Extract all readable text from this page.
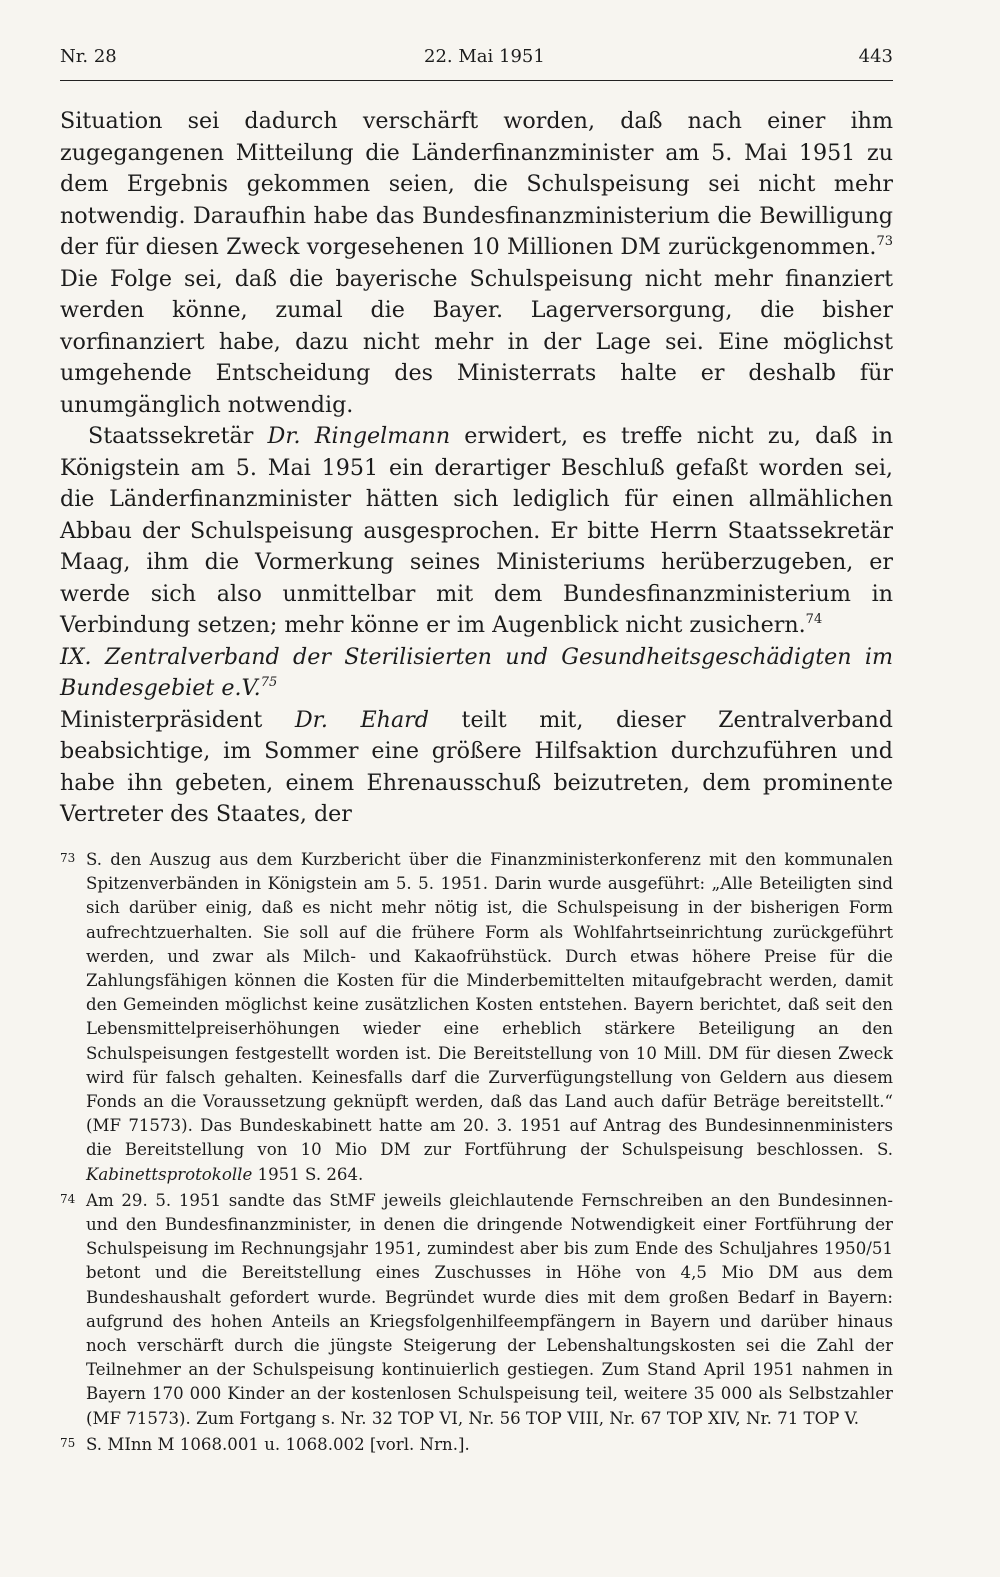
Nr. 28	22. Mai 1951	443

Situation sei dadurch verschärft worden, daß nach einer ihm zugegangenen Mitteilung die Länderfinanzminister am 5. Mai 1951 zu dem Ergebnis gekommen seien, die Schulspeisung sei nicht mehr notwendig. Daraufhin habe das Bundesfinanzministerium die Bewilligung der für diesen Zweck vorgesehenen 10 Millionen DM zurückgenommen.$^{73}$ Die Folge sei, daß die bayerische Schulspeisung nicht mehr finanziert werden könne, zumal die Bayer. Lagerversorgung, die bisher vorfinanziert habe, dazu nicht mehr in der Lage sei. Eine möglichst umgehende Entscheidung des Ministerrats halte er deshalb für unumgänglich notwendig.

Staatssekretär Dr. Ringelmann erwidert, es treffe nicht zu, daß in Königstein am 5. Mai 1951 ein derartiger Beschluß gefaßt worden sei, die Länderfinanzminister hätten sich lediglich für einen allmählichen Abbau der Schulspeisung ausgesprochen. Er bitte Herrn Staatssekretär Maag, ihm die Vormerkung seines Ministeriums herüberzugeben, er werde sich also unmittelbar mit dem Bundesfinanzministerium in Verbindung setzen; mehr könne er im Augenblick nicht zusichern.$^{74}$

IX. Zentralverband der Sterilisierten und Gesundheitsgeschädigten im Bundesgebiet e.V.$^{75}$

Ministerpräsident Dr. Ehard teilt mit, dieser Zentralverband beabsichtige, im Sommer eine größere Hilfsaktion durchzuführen und habe ihn gebeten, einem Ehrenausschuß beizutreten, dem prominente Vertreter des Staates, der

73 S. den Auszug aus dem Kurzbericht über die Finanzministerkonferenz mit den kommunalen Spitzenverbänden in Königstein am 5. 5. 1951. Darin wurde ausgeführt: „Alle Beteiligten sind sich darüber einig, daß es nicht mehr nötig ist, die Schulspeisung in der bisherigen Form aufrechtzuerhalten. Sie soll auf die frühere Form als Wohlfahrtseinrichtung zurückgeführt werden, und zwar als Milch- und Kakaofrühstück. Durch etwas höhere Preise für die Zahlungsfähigen können die Kosten für die Minderbemittelten mitaufgebracht werden, damit den Gemeinden möglichst keine zusätzlichen Kosten entstehen. Bayern berichtet, daß seit den Lebensmittelpreiserhöhungen wieder eine erheblich stärkere Beteiligung an den Schulspeisungen festgestellt worden ist. Die Bereitstellung von 10 Mill. DM für diesen Zweck wird für falsch gehalten. Keinesfalls darf die Zurverfügungstellung von Geldern aus diesem Fonds an die Voraussetzung geknüpft werden, daß das Land auch dafür Beträge bereitstellt.“ (MF 71573). Das Bundeskabinett hatte am 20. 3. 1951 auf Antrag des Bundesinnenministers die Bereitstellung von 10 Mio DM zur Fortführung der Schulspeisung beschlossen. S. Kabinettsprotokolle 1951 S. 264.
74 Am 29. 5. 1951 sandte das StMF jeweils gleichlautende Fernschreiben an den Bundesinnen- und den Bundesfinanzminister, in denen die dringende Notwendigkeit einer Fortführung der Schulspeisung im Rechnungsjahr 1951, zumindest aber bis zum Ende des Schuljahres 1950/51 betont und die Bereitstellung eines Zuschusses in Höhe von 4,5 Mio DM aus dem Bundeshaushalt gefordert wurde. Begründet wurde dies mit dem großen Bedarf in Bayern: aufgrund des hohen Anteils an Kriegsfolgenhilfeempfängern in Bayern und darüber hinaus noch verschärft durch die jüngste Steigerung der Lebenshaltungskosten sei die Zahl der Teilnehmer an der Schulspeisung kontinuierlich gestiegen. Zum Stand April 1951 nahmen in Bayern 170 000 Kinder an der kostenlosen Schulspeisung teil, weitere 35 000 als Selbstzahler (MF 71573). Zum Fortgang s. Nr. 32 TOP VI, Nr. 56 TOP VIII, Nr. 67 TOP XIV, Nr. 71 TOP V.
75 S. MInn M 1068.001 u. 1068.002 [vorl. Nrn.].
